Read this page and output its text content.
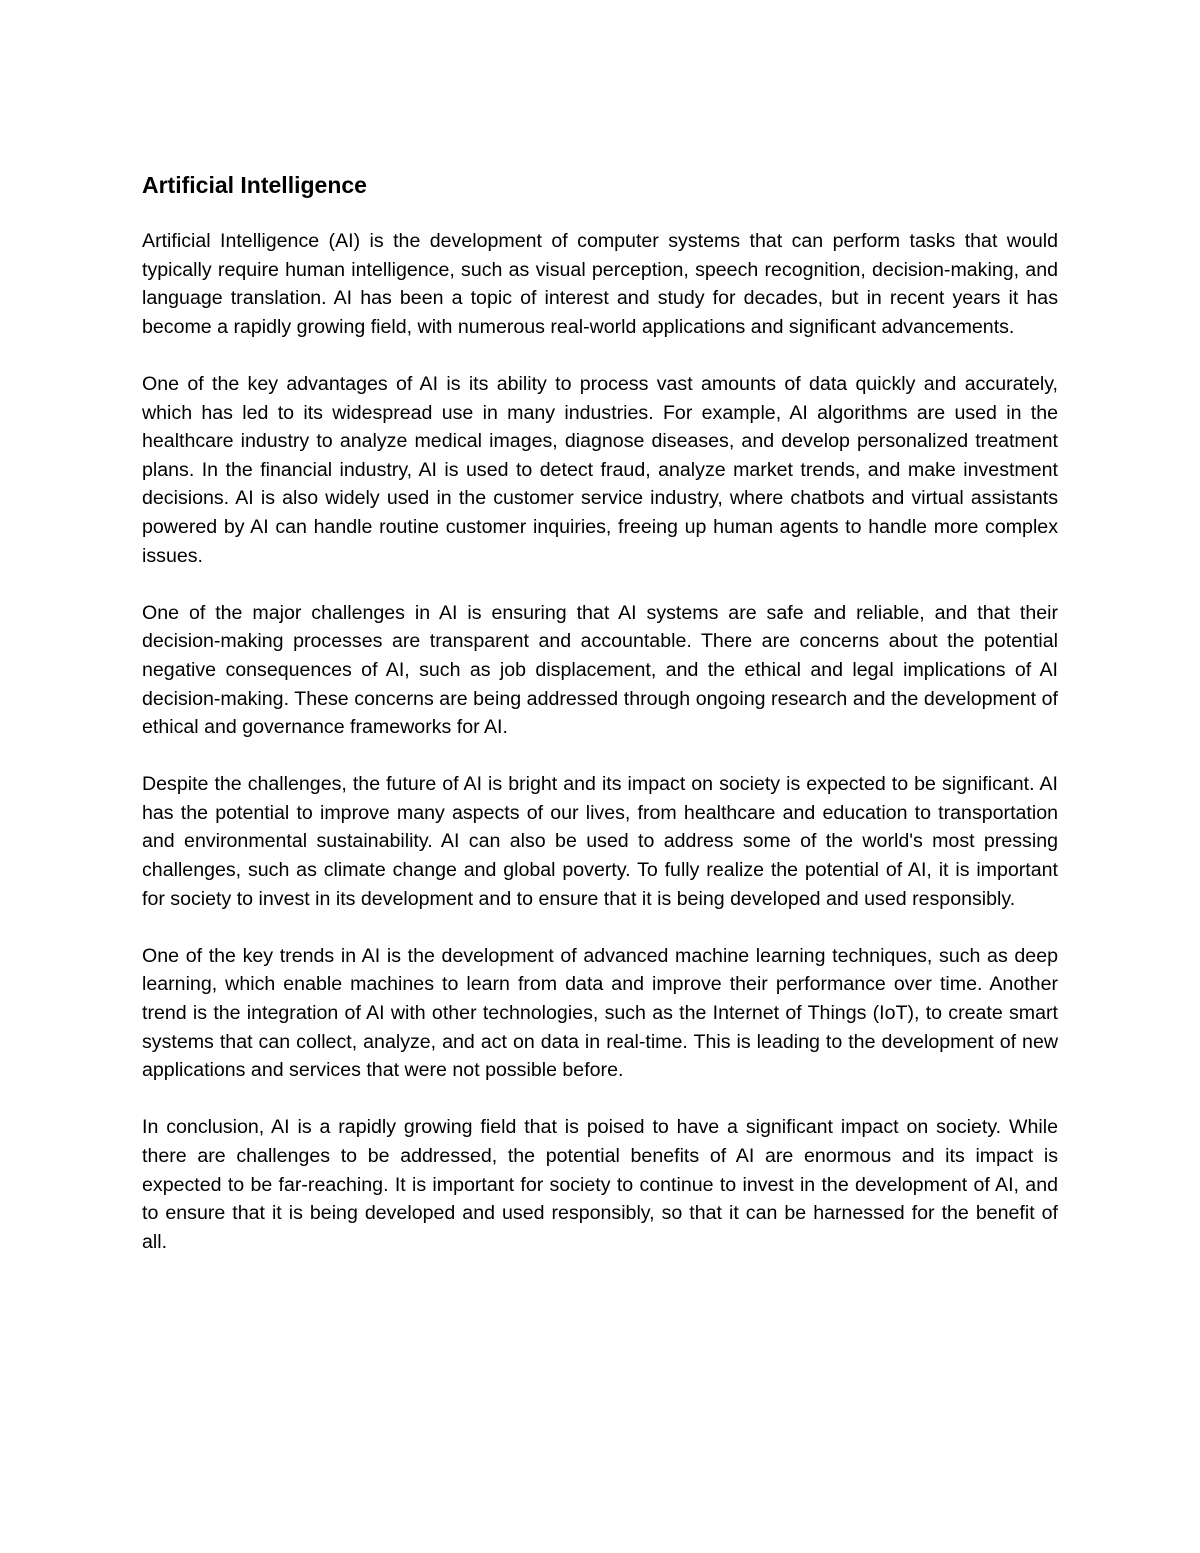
Artificial Intelligence

Artificial Intelligence (AI) is the development of computer systems that can perform tasks that would typically require human intelligence, such as visual perception, speech recognition, decision-making, and language translation. AI has been a topic of interest and study for decades, but in recent years it has become a rapidly growing field, with numerous real-world applications and significant advancements.

One of the key advantages of AI is its ability to process vast amounts of data quickly and accurately, which has led to its widespread use in many industries. For example, AI algorithms are used in the healthcare industry to analyze medical images, diagnose diseases, and develop personalized treatment plans. In the financial industry, AI is used to detect fraud, analyze market trends, and make investment decisions. AI is also widely used in the customer service industry, where chatbots and virtual assistants powered by AI can handle routine customer inquiries, freeing up human agents to handle more complex issues.

One of the major challenges in AI is ensuring that AI systems are safe and reliable, and that their decision-making processes are transparent and accountable. There are concerns about the potential negative consequences of AI, such as job displacement, and the ethical and legal implications of AI decision-making. These concerns are being addressed through ongoing research and the development of ethical and governance frameworks for AI.

Despite the challenges, the future of AI is bright and its impact on society is expected to be significant. AI has the potential to improve many aspects of our lives, from healthcare and education to transportation and environmental sustainability. AI can also be used to address some of the world's most pressing challenges, such as climate change and global poverty. To fully realize the potential of AI, it is important for society to invest in its development and to ensure that it is being developed and used responsibly.

One of the key trends in AI is the development of advanced machine learning techniques, such as deep learning, which enable machines to learn from data and improve their performance over time. Another trend is the integration of AI with other technologies, such as the Internet of Things (IoT), to create smart systems that can collect, analyze, and act on data in real-time. This is leading to the development of new applications and services that were not possible before.

In conclusion, AI is a rapidly growing field that is poised to have a significant impact on society. While there are challenges to be addressed, the potential benefits of AI are enormous and its impact is expected to be far-reaching. It is important for society to continue to invest in the development of AI, and to ensure that it is being developed and used responsibly, so that it can be harnessed for the benefit of all.
